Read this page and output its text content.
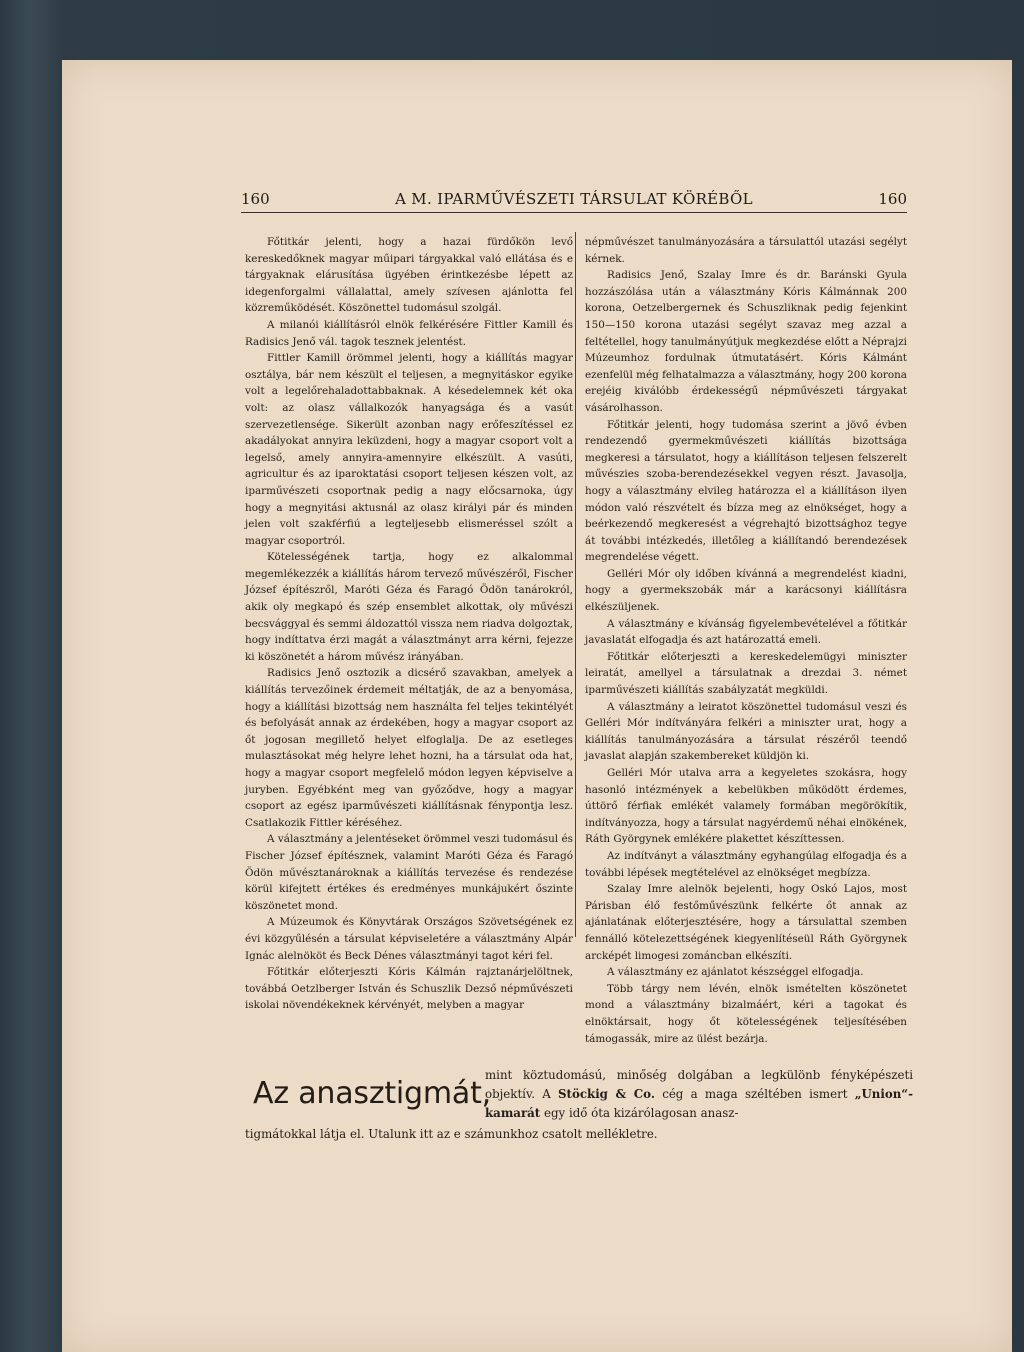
160	A M. IPARMŰVÉSZETI TÁRSULAT KÖRÉBŐL	160

Főtitkár jelenti, hogy a hazai fürdőkön levő kereskedőknek magyar műipari tárgyakkal való ellátása és e tárgyaknak elárusítása ügyében érintkezésbe lépett az idegenforgalmi vállalattal, amely szívesen ajánlotta fel közreműködését. Köszönettel tudomásul szolgál.

A milanói kiállításról elnök felkérésére Fittler Kamill és Radisics Jenő vál. tagok tesznek jelentést.

Fittler Kamill örömmel jelenti, hogy a kiállítás magyar osztálya, bár nem készült el teljesen, a megnyitáskor egyike volt a legelőrehaladottabbaknak. A késedelemnek két oka volt: az olasz vállalkozók hanyagsága és a vasút szervezetlensége. Sikerült azonban nagy erőfeszítéssel ez akadályokat annyira leküzdeni, hogy a magyar csoport volt a legelső, amely annyira-amennyire elkészült. A vasúti, agricultur és az iparoktatási csoport teljesen készen volt, az iparművészeti csoportnak pedig a nagy előcsarnoka, úgy hogy a megnyitási aktusnál az olasz királyi pár és minden jelen volt szakférfiú a legteljesebb elismeréssel szólt a magyar csoportról.

Kötelességének tartja, hogy ez alkalommal megemlékezzék a kiállítás három tervező művészéről, Fischer József építészről, Maróti Géza és Faragó Ödön tanárokról, akik oly megkapó és szép ensemblet alkottak, oly művészi becsvággyal és semmi áldozattól vissza nem riadva dolgoztak, hogy indíttatva érzi magát a választmányt arra kérni, fejezze ki köszönetét a három művész irányában.

Radisics Jenő osztozik a dicsérő szavakban, amelyek a kiállítás tervezőinek érdemeit méltatják, de az a benyomása, hogy a kiállítási bizottság nem használta fel teljes tekintélyét és befolyását annak az érdekében, hogy a magyar csoport az őt jogosan megillető helyet elfoglalja. De az esetleges mulasztásokat még helyre lehet hozni, ha a társulat oda hat, hogy a magyar csoport megfelelő módon legyen képviselve a juryben. Egyébként meg van győződve, hogy a magyar csoport az egész iparművészeti kiállításnak fénypontja lesz. Csatlakozik Fittler kéréséhez.

A választmány a jelentéseket örömmel veszi tudomásul és Fischer József építésznek, valamint Maróti Géza és Faragó Ödön művésztanároknak a kiállítás tervezése és rendezése körül kifejtett értékes és eredményes munkájukért őszinte köszönetet mond.

A Múzeumok és Könyvtárak Országos Szövetségének ez évi közgyűlésén a társulat képviseletére a választmány Alpár Ignác alelnököt és Beck Dénes választmányi tagot kéri fel.

Főtitkár előterjeszti Kóris Kálmán rajztanárjelöltnek, továbbá Oetzlberger István és Schuszlik Dezső népművészeti iskolai növendékeknek kérvényét, melyben a magyar

népművészet tanulmányozására a társulattól utazási segélyt kérnek.

Radisics Jenő, Szalay Imre és dr. Baránski Gyula hozzászólása után a választmány Kóris Kálmánnak 200 korona, Oetzelbergernek és Schuszliknak pedig fejenkint 150—150 korona utazási segélyt szavaz meg azzal a feltétellel, hogy tanulmányútjuk megkezdése előtt a Néprajzi Múzeumhoz fordulnak útmutatásért. Kóris Kálmánt ezenfelül még felhatalmazza a választmány, hogy 200 korona erejéig kiválóbb érdekességű népművészeti tárgyakat vásárolhasson.

Főtitkár jelenti, hogy tudomása szerint a jövő évben rendezendő gyermekművészeti kiállítás bizottsága megkeresi a társulatot, hogy a kiállításon teljesen felszerelt művészies szoba-berendezésekkel vegyen részt. Javasolja, hogy a választmány elvileg határozza el a kiállításon ilyen módon való részvételt és bízza meg az elnökséget, hogy a beérkezendő megkeresést a végrehajtó bizottsághoz tegye át további intézkedés, illetőleg a kiállítandó berendezések megrendelése végett.

Gelléri Mór oly időben kívánná a megrendelést kiadni, hogy a gyermekszobák már a karácsonyi kiállításra elkészüljenek.

A választmány e kívánság figyelembevételével a főtitkár javaslatát elfogadja és azt határozattá emeli.

Főtitkár előterjeszti a kereskedelemügyi miniszter leiratát, amellyel a társulatnak a drezdai 3. német iparművészeti kiállítás szabályzatát megküldi.

A választmány a leiratot köszönettel tudomásul veszi és Gelléri Mór indítványára felkéri a miniszter urat, hogy a kiállítás tanulmányozására a társulat részéről teendő javaslat alapján szakembereket küldjön ki.

Gelléri Mór utalva arra a kegyeletes szokásra, hogy hasonló intézmények a kebelükben működött érdemes, úttörő férfiak emlékét valamely formában megörökítik, indítványozza, hogy a társulat nagyérdemű néhai elnökének, Ráth Györgynek emlékére plakettet készíttessen.

Az indítványt a választmány egyhangúlag elfogadja és a további lépések megtételével az elnökséget megbízza.

Szalay Imre alelnök bejelenti, hogy Oskó Lajos, most Párisban élő festőművészünk felkérte őt annak az ajánlatának előterjesztésére, hogy a társulattal szemben fennálló kötelezettségének kiegyenlítéseül Ráth Györgynek arcképét limogesi zománcban elkészíti.

A választmány ez ajánlatot készséggel elfogadja.

Több tárgy nem lévén, elnök ismételten köszönetet mond a választmány bizalmáért, kéri a tagokat és elnöktársait, hogy őt kötelességének teljesítésében támogassák, mire az ülést bezárja.

Az anasztigmát,
mint köztudomású, minőség dolgában a legkülönb fényképészeti objektív. A Stöckig & Co. cég a maga széltében ismert „Union“-kamarát egy idő óta kizárólagosan anasz-
tigmátokkal látja el. Utalunk itt az e számunkhoz csatolt mellékletre.
